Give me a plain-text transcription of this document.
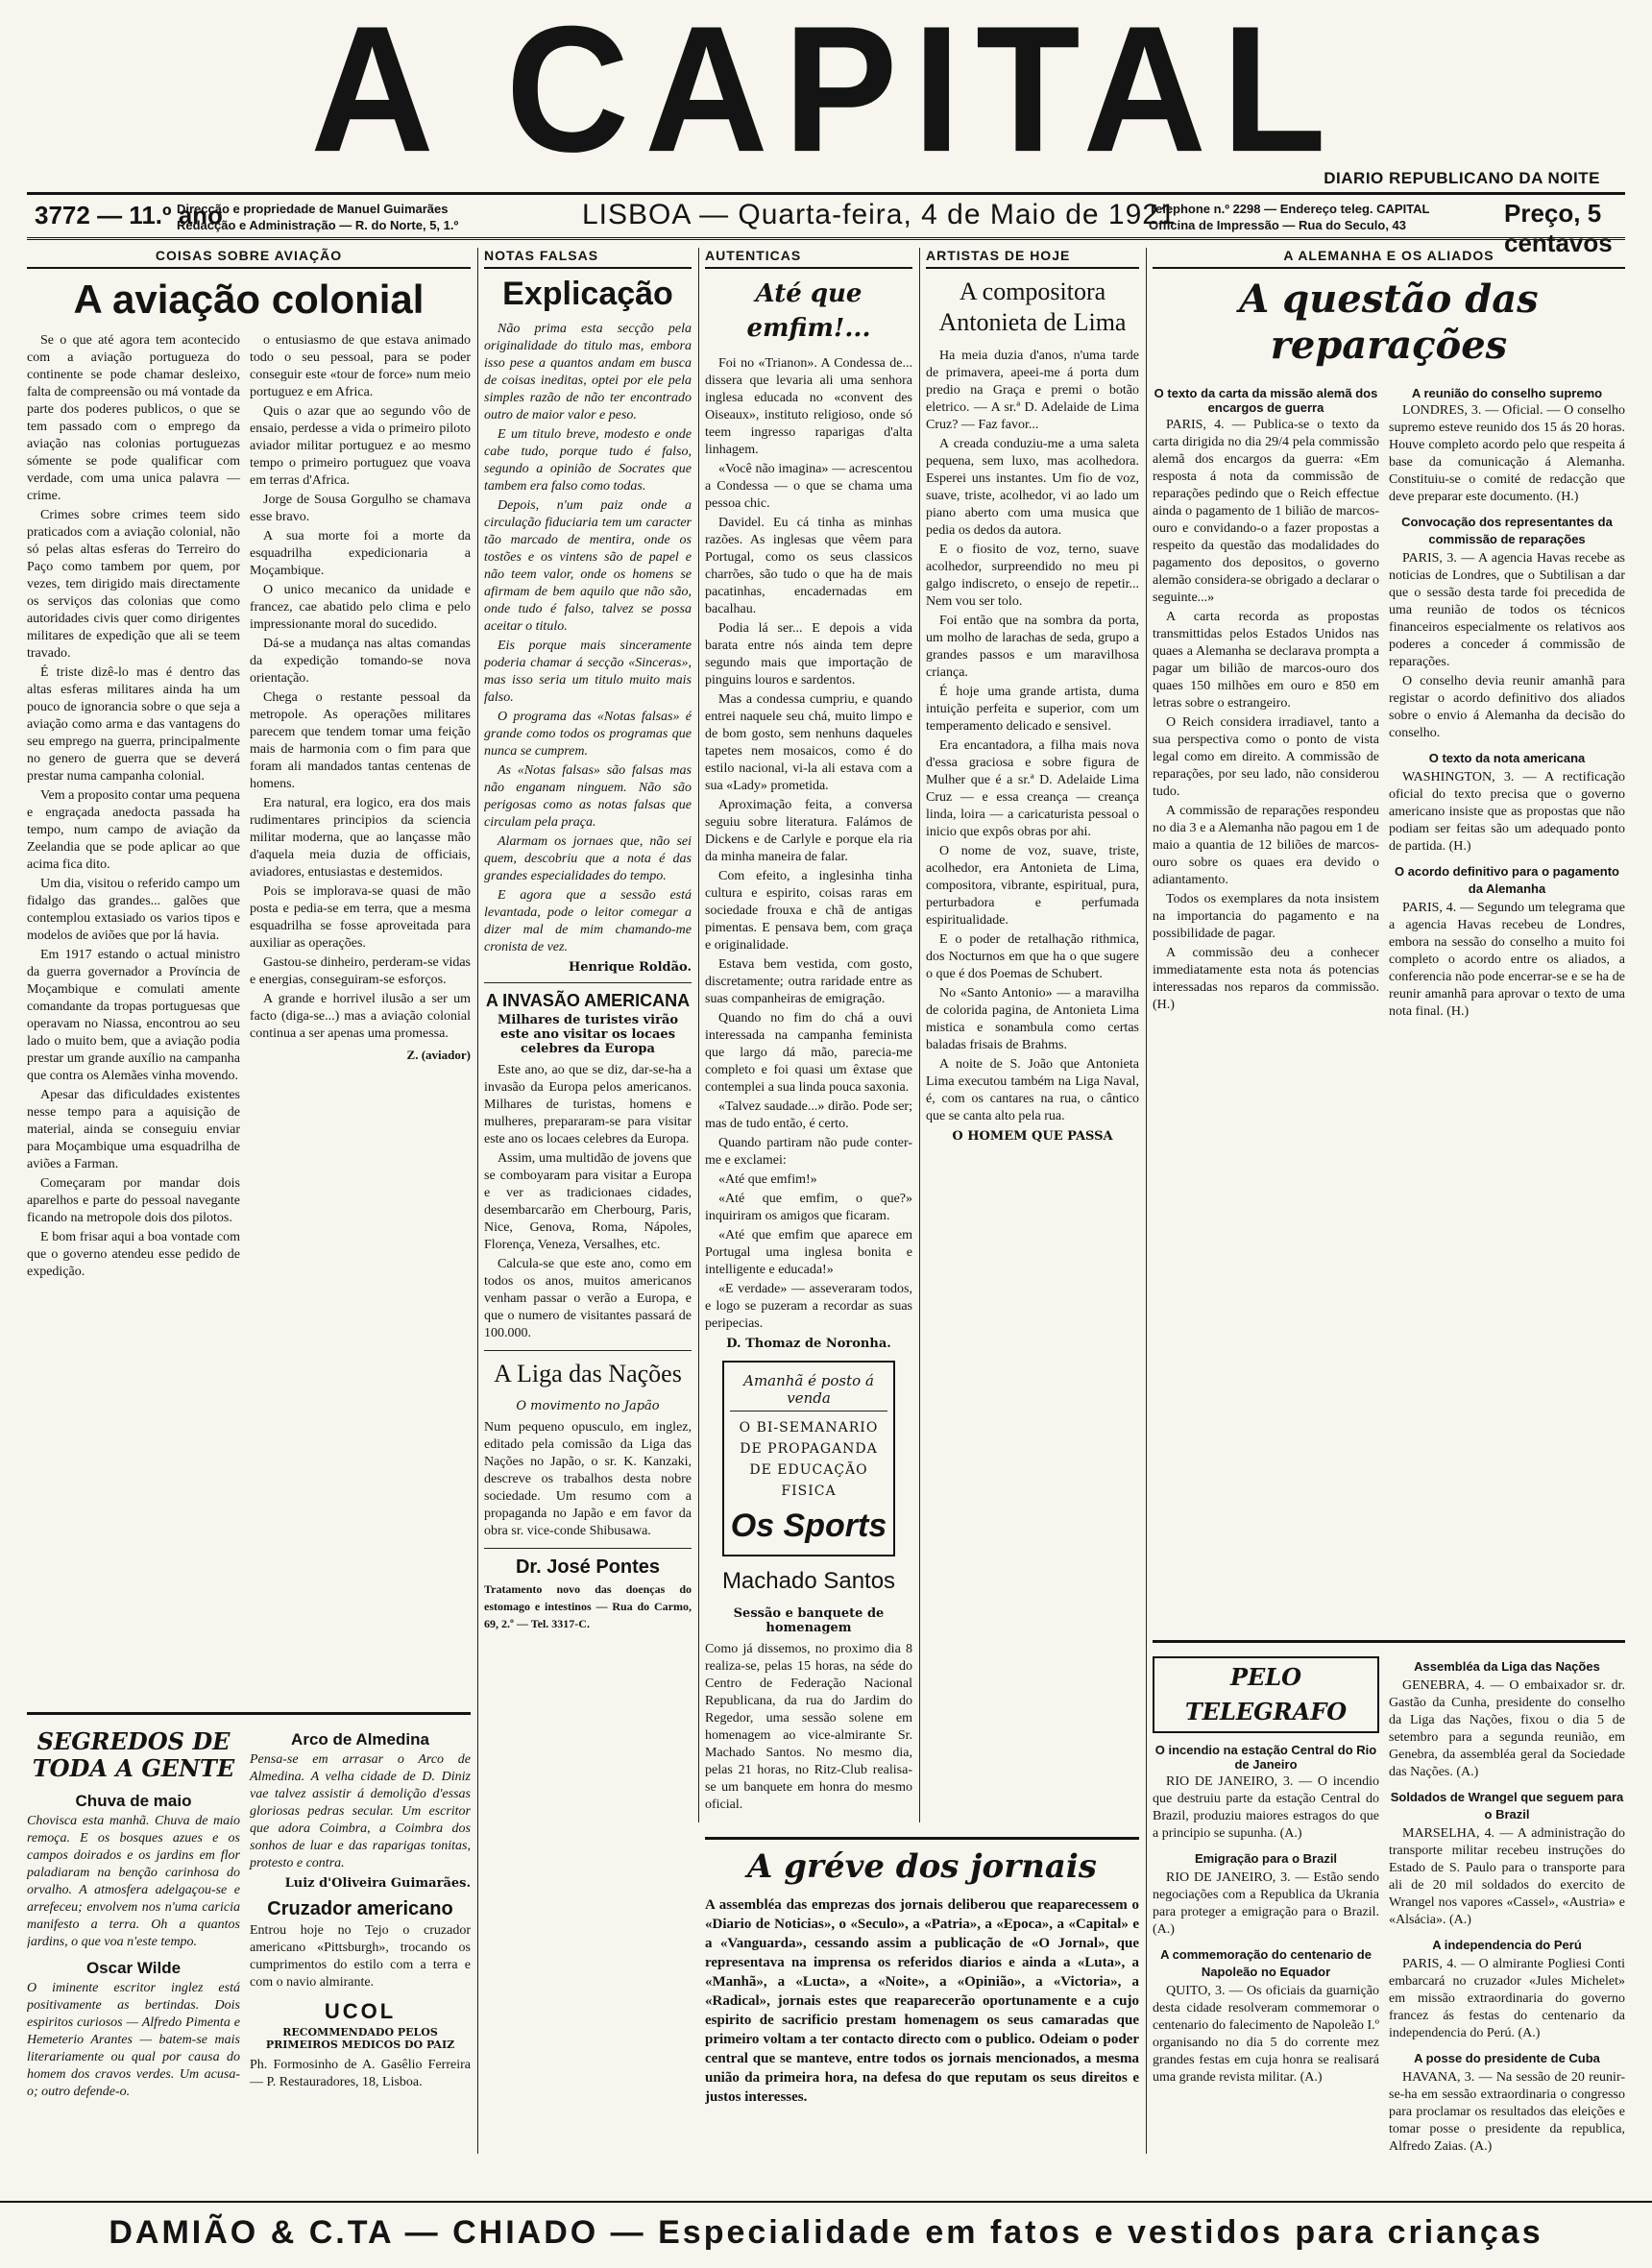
A CAPITAL
DIARIO REPUBLICANO DA NOITE
3772 — 11.º ano
Direcção e propriedade de Manuel Guimarães
Redacção e Administração — R. do Norte, 5, 1.º	LISBOA — Quarta-feira, 4 de Maio de 1921
Telephone n.º 2298 — Endereço teleg. CAPITAL
Officina de Impressão — Rua do Seculo, 43	Preço, 5 centavos
COISAS SOBRE AVIAÇÃO
A aviação colonial

Se o que até agora tem acontecido com a aviação portugueza do continente se pode chamar desleixo, falta de compreensão ou má vontade da parte dos poderes publicos, o que se tem passado com o emprego da aviação nas colonias portuguezas sómente se pode qualificar com verdade, com uma unica palavra — crime.

Crimes sobre crimes teem sido praticados com a aviação colonial, não só pelas altas esferas do Terreiro do Paço como tambem por quem, por vezes, tem dirigido mais directamente os serviços das colonias que como autoridades civis quer como dirigentes militares de expedição que ali se teem travado.

É triste dizê-lo mas é dentro das altas esferas militares ainda ha um pouco de ignorancia sobre o que seja a aviação como arma e das vantagens do seu emprego na guerra, principalmente no genero de guerra que se deverá prestar numa campanha colonial.

Vem a proposito contar uma pequena e engraçada anedocta passada ha tempo, num campo de aviação da Zeelandia que se pode aplicar ao que acima fica dito.

Um dia, visitou o referido campo um fidalgo das grandes... galões que contemplou extasiado os varios tipos e modelos de aviões que por lá havia.

Em 1917 estando o actual ministro da guerra governador a Província de Moçambique e comulati amente comandante da tropas portuguesas que operavam no Niassa, encontrou ao seu lado o muito bem, que a aviação podia prestar um grande auxílio na campanha que contra os Alemães vinha movendo.

Apesar das dificuldades existentes nesse tempo para a aquisição de material, ainda se conseguiu enviar para Moçambique uma esquadrilha de aviões a Farman.

Começaram por mandar dois aparelhos e parte do pessoal navegante ficando na metropole dois dos pilotos.

E bom frisar aqui a boa vontade com que o governo atendeu esse pedido de expedição.

o entusiasmo de que estava animado todo o seu pessoal, para se poder conseguir este «tour de force» num meio portuguez e em Africa.

Quis o azar que ao segundo vôo de ensaio, perdesse a vida o primeiro piloto aviador militar portuguez e ao mesmo tempo o primeiro portuguez que voava em terras d'Africa.

Jorge de Sousa Gorgulho se chamava esse bravo.

A sua morte foi a morte da esquadrilha expedicionaria a Moçambique.

O unico mecanico da unidade e francez, cae abatido pelo clima e pelo impressionante moral do sucedido.

Dá-se a mudança nas altas comandas da expedição tomando-se nova orientação.

Chega o restante pessoal da metropole. As operações militares parecem que tendem tomar uma feição mais de harmonia com o fim para que foram ali mandados tantas centenas de homens.

Era natural, era logico, era dos mais rudimentares principios da sciencia militar moderna, que ao lançasse mão d'aquela meia duzia de officiais, aviadores, entusiastas e destemidos.

Pois se implorava-se quasi de mão posta e pedia-se em terra, que a mesma esquadrilha se fosse aproveitada para auxiliar as operações.

Gastou-se dinheiro, perderam-se vidas e energias, conseguiram-se esforços.

A grande e horrivel ilusão a ser um facto (diga-se...) mas a aviação colonial continua a ser apenas uma promessa.

Z. (aviador)
SEGREDOS DE TODA A GENTE
Chuva de maio
Chovisca esta manhã. Chuva de maio remoça. E os bosques azues e os campos doirados e os jardins em flor paladiaram na benção carinhosa do orvalho. A atmosfera adelgaçou-se e arrefeceu; envolvem nos n'uma caricia manifesto a terra. Oh a quantos jardins, o que voa n'este tempo.
Oscar Wilde
O iminente escritor inglez está positivamente as bertindas. Dois espiritos curiosos — Alfredo Pimenta e Hemeterio Arantes — batem-se mais literariamente ou qual por causa do homem dos cravos verdes. Um acusa-o; outro defende-o.
Arco de Almedina
Pensa-se em arrasar o Arco de Almedina. A velha cidade de D. Diniz vae talvez assistir á demolição d'essas gloriosas pedras secular. Um escritor que adora Coimbra, a Coimbra dos sonhos de luar e das raparigas tonitas, protesto e contra.
Luiz d'Oliveira Guimarães.
Cruzador americano
Entrou hoje no Tejo o cruzador americano «Pittsburgh», trocando os cumprimentos do estilo com a terra e com o navio almirante.
UCOL
RECOMMENDADO PELOS PRIMEIROS MEDICOS DO PAIZ
Ph. Formosinho de A. Gasêlio Ferreira — P. Restauradores, 18, Lisboa.
NOTAS FALSAS
Explicação

Não prima esta secção pela originalidade do titulo mas, embora isso pese a quantos andam em busca de coisas ineditas, optei por ele pela simples razão de não ter encontrado outro de maior valor e peso.

E um titulo breve, modesto e onde cabe tudo, porque tudo é falso, segundo a opinião de Socrates que tambem era falso como todas.

Depois, n'um paiz onde a circulação fiduciaria tem um caracter tão marcado de mentira, onde os tostões e os vintens são de papel e não teem valor, onde os homens se afirmam de bem aquilo que não são, onde tudo é falso, talvez se possa aceitar o titulo.

Eis porque mais sinceramente poderia chamar á secção «Sinceras», mas isso seria um titulo muito mais falso.

O programa das «Notas falsas» é grande como todos os programas que nunca se cumprem.

As «Notas falsas» são falsas mas não enganam ninguem. Não são perigosas como as notas falsas que circulam pela praça.

Alarmam os jornaes que, não sei quem, descobriu que a nota é das grandes especialidades do tempo.

E agora que a sessão está levantada, pode o leitor comegar a dizer mal de mim chamando-me cronista de vez.

Henrique Roldão.
A INVASÃO AMERICANA
Milhares de turistes virão este ano visitar os locaes celebres da Europa

Este ano, ao que se diz, dar-se-ha a invasão da Europa pelos americanos. Milhares de turistas, homens e mulheres, prepararam-se para visitar este ano os locaes celebres da Europa.

Assim, uma multidão de jovens que se comboyaram para visitar a Europa e ver as tradicionaes cidades, desembarcarão em Cherbourg, Paris, Nice, Genova, Roma, Nápoles, Florença, Veneza, Versalhes, etc.

Calcula-se que este ano, como em todos os anos, muitos americanos venham passar o verão a Europa, e que o numero de visitantes passará de 100.000.

A Liga das Nações
O movimento no Japão
Num pequeno opusculo, em inglez, editado pela comissão da Liga das Nações no Japão, o sr. K. Kanzaki, descreve os trabalhos desta nobre sociedade. Um resumo com a propaganda no Japão e em favor da obra sr. vice-conde Shibusawa.
Dr. José Pontes
Tratamento novo das doenças do estomago e intestinos — Rua do Carmo, 69, 2.º — Tel. 3317-C.
AUTENTICAS
Até que emfim!...

Foi no «Trianon». A Condessa de... dissera que levaria ali uma senhora inglesa educada no «convent des Oiseaux», instituto religioso, onde só teem ingresso raparigas d'alta linhagem.

«Você não imagina» — acrescentou a Condessa — o que se chama uma pessoa chic.

Davidel. Eu cá tinha as minhas razões. As inglesas que vêem para Portugal, como os seus classicos charrões, são tudo o que ha de mais pacatinhas, encadernadas em bacalhau.

Podia lá ser... E depois a vida barata entre nós ainda tem depre segundo mais que importação de pinguins louros e sardentos.

Mas a condessa cumpriu, e quando entrei naquele seu chá, muito limpo e de bom gosto, sem nenhuns daqueles tapetes nem mosaicos, como é do estilo nacional, vi-la ali estava com a sua «Lady» prometida.

Aproximação feita, a conversa seguiu sobre literatura. Falámos de Dickens e de Carlyle e porque ela ria da minha maneira de falar.

Com efeito, a inglesinha tinha cultura e espirito, coisas raras em sociedade frouxa e chã de antigas pimentas. E pensava bem, com graça e originalidade.

Estava bem vestida, com gosto, discretamente; outra raridade entre as suas companheiras de emigração.

Quando no fim do chá a ouvi interessada na campanha feminista que largo dá mão, parecia-me completo e foi quasi um êxtase que contemplei a sua linda pouca saxonia.

«Talvez saudade...» dirão. Pode ser; mas de tudo então, é certo.

Quando partiram não pude conter-me e exclamei:

«Até que emfim!»

«Até que emfim, o que?» inquiriram os amigos que ficaram.

«Até que emfim que aparece em Portugal uma inglesa bonita e intelligente e educada!»

«E verdade» — asseveraram todos, e logo se puzeram a recordar as suas peripecias.

D. Thomaz de Noronha.
Amanhã é posto á venda
O BI-SEMANARIO DE PROPAGANDA DE EDUCAÇÃO FISICA
Os Sports
Machado Santos
Sessão e banquete de homenagem
Como já dissemos, no proximo dia 8 realiza-se, pelas 15 horas, na séde do Centro de Federação Nacional Republicana, da rua do Jardim do Regedor, uma sessão solene em homenagem ao vice-almirante Sr. Machado Santos. No mesmo dia, pelas 21 horas, no Ritz-Club realisa-se um banquete em honra do mesmo oficial.
ARTISTAS DE HOJE
A compositora Antonieta de Lima

Ha meia duzia d'anos, n'uma tarde de primavera, apeei-me á porta dum predio na Graça e premi o botão eletrico. — A sr.ª D. Adelaide de Lima Cruz? — Faz favor...

A creada conduziu-me a uma saleta pequena, sem luxo, mas acolhedora. Esperei uns instantes. Um fio de voz, suave, triste, acolhedor, vi ao lado um piano aberto com uma musica que pedia os dedos da autora.

E o fiosito de voz, terno, suave acolhedor, surpreendido no meu pi galgo indiscreto, o ensejo de repetir... Nem vou ser tolo.

Foi então que na sombra da porta, um molho de larachas de seda, grupo a grandes passos e um maravilhosa criança.

É hoje uma grande artista, duma intuição perfeita e superior, com um temperamento delicado e sensivel.

Era encantadora, a filha mais nova d'essa graciosa e sobre figura de Mulher que é a sr.ª D. Adelaide Lima Cruz — e essa creança — creança linda, loira — a caricaturista pessoal o inicio que expôs obras por ahi.

O nome de voz, suave, triste, acolhedor, era Antonieta de Lima, compositora, vibrante, espiritual, pura, perturbadora e perfumada espiritualidade.

E o poder de retalhação rithmica, dos Nocturnos em que ha o que sugere o que é dos Poemas de Schubert.

No «Santo Antonio» — a maravilha de colorida pagina, de Antonieta Lima mistica e sonambula como certas baladas frisais de Brahms.

A noite de S. João que Antonieta Lima executou também na Liga Naval, é, com os cantares na rua, o cântico que se canta alto pela rua.

O HOMEM QUE PASSA
A gréve dos jornais
A assembléa das emprezas dos jornais deliberou que reaparecessem o «Diario de Noticias», o «Seculo», a «Patria», a «Epoca», a «Capital» e a «Vanguarda», cessando assim a publicação de «O Jornal», que representava na imprensa os referidos diarios e ainda a «Luta», a «Manhã», a «Lucta», a «Noite», a «Opinião», a «Victoria», a «Radical», jornais estes que reaparecerão oportunamente e a cujo espirito de sacrificio prestam homenagem os seus camaradas que primeiro voltam a ter contacto directo com o publico. Odeiam o poder central que se manteve, entre todos os jornais mencionados, a mesma união da primeira hora, na defesa do que reputam os seus direitos e justos interesses.
A ALEMANHA E OS ALIADOS
A questão das reparações
O texto da carta da missão alemã dos encargos de guerra

PARIS, 4. — Publica-se o texto da carta dirigida no dia 29/4 pela commissão alemã dos encargos da guerra: «Em resposta á nota da commissão de reparações pedindo que o Reich effectue ainda o pagamento de 1 bilião de marcos-ouro e convidando-o a fazer propostas a respeito da questão das modalidades do pagamento dos depositos, o governo alemão considera-se obrigado a declarar o seguinte...»

A carta recorda as propostas transmittidas pelos Estados Unidos nas quaes a Alemanha se declarava prompta a pagar um bilião de marcos-ouro dos quaes 150 milhões em ouro e 850 em letras sobre o estrangeiro.

O Reich considera irradiavel, tanto a sua perspectiva como o ponto de vista legal como em direito. A commissão de reparações, por seu lado, não considerou tudo.

A commissão de reparações respondeu no dia 3 e a Alemanha não pagou em 1 de maio a quantia de 12 biliões de marcos-ouro sobre os quaes era devido o adiantamento.

Todos os exemplares da nota insistem na importancia do pagamento e na possibilidade de pagar.

A commissão deu a conhecer immediatamente esta nota ás potencias interessadas nos reparos da commissão. (H.)

A reunião do conselho supremo

LONDRES, 3. — Oficial. — O conselho supremo esteve reunido dos 15 ás 20 horas. Houve completo acordo pelo que respeita á base da comunicação á Alemanha. Constituiu-se o comité de redacção que deve preparar este documento. (H.)

Convocação dos representantes da commissão de reparações

PARIS, 3. — A agencia Havas recebe as noticias de Londres, que o Subtilisan a dar que o sessão desta tarde foi precedida de uma reunião de todos os técnicos financeiros especialmente os relativos aos poderes a conceder á commissão de reparações.

O conselho devia reunir amanhã para registar o acordo definitivo dos aliados sobre o envio á Alemanha da decisão do conselho.

O texto da nota americana

WASHINGTON, 3. — A rectificação oficial do texto precisa que o governo americano insiste que as propostas que não podiam ser feitas são um adequado ponto de partida. (H.)

O acordo definitivo para o pagamento da Alemanha

PARIS, 4. — Segundo um telegrama que a agencia Havas recebeu de Londres, embora na sessão do conselho a muito foi completo o acordo entre os aliados, a conferencia não pode encerrar-se e se ha de reunir amanhã para aprovar o texto de uma nota final. (H.)

PELO TELEGRAFO
O incendio na estação Central do Rio de Janeiro

RIO DE JANEIRO, 3. — O incendio que destruiu parte da estação Central do Brazil, produziu maiores estragos do que a principio se supunha. (A.)

Emigração para o Brazil

RIO DE JANEIRO, 3. — Estão sendo negociações com a Republica da Ukrania para proteger a emigração para o Brazil. (A.)

A commemoração do centenario de Napoleão no Equador

QUITO, 3. — Os oficiais da guarnição desta cidade resolveram commemorar o centenario do falecimento de Napoleão I.º organisando no dia 5 do corrente mez grandes festas em cuja honra se realisará uma grande revista militar. (A.)

Assembléa da Liga das Nações

GENEBRA, 4. — O embaixador sr. dr. Gastão da Cunha, presidente do conselho da Liga das Nações, fixou o dia 5 de setembro para a segunda reunião, em Genebra, da assembléa geral da Sociedade das Nações. (A.)

Soldados de Wrangel que seguem para o Brazil

MARSELHA, 4. — A administração do transporte militar recebeu instruções do Estado de S. Paulo para o transporte para ali de 20 mil soldados do exercito de Wrangel nos vapores «Cassel», «Austria» e «Alsácia». (A.)

A independencia do Perú

PARIS, 4. — O almirante Pogliesi Conti embarcará no cruzador «Jules Michelet» em missão extraordinaria do governo francez ás festas do centenario da independencia do Perú. (A.)

A posse do presidente de Cuba

HAVANA, 3. — Na sessão de 20 reunir-se-ha em sessão extraordinaria o congresso para proclamar os resultados das eleições e tomar posse o presidente da republica, Alfredo Zaias. (A.)

DAMIÃO & C.TA — CHIADO — Especialidade em fatos e vestidos para crianças
